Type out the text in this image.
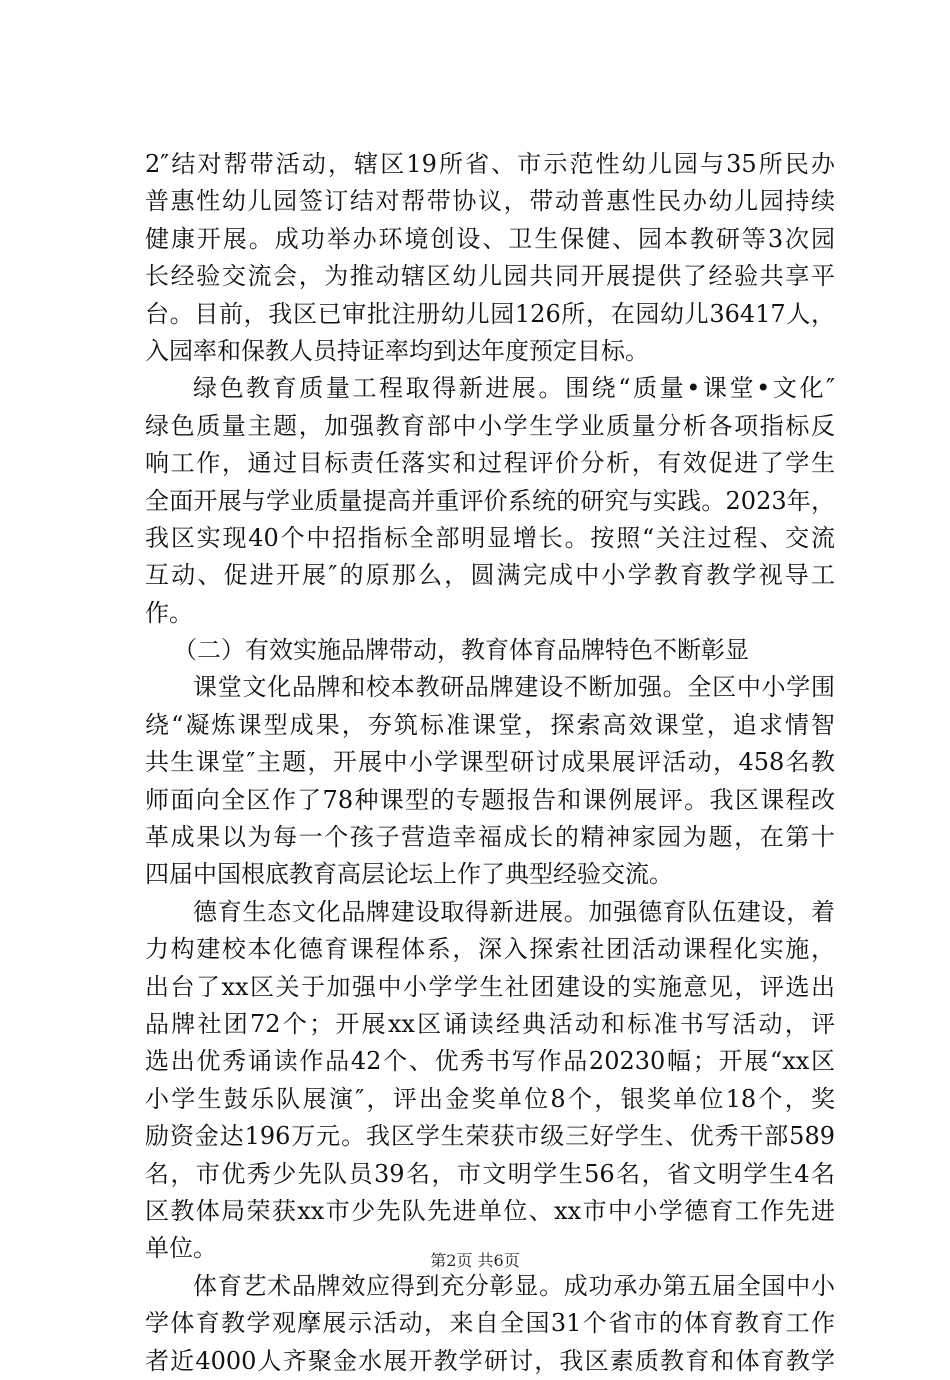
2″结对帮带活动，辖区19所省、市示范性幼儿园与35所民办
普惠性幼儿园签订结对帮带协议，带动普惠性民办幼儿园持续
健康开展。成功举办环境创设、卫生保健、园本教研等3次园
长经验交流会，为推动辖区幼儿园共同开展提供了经验共享平
台。目前，我区已审批注册幼儿园126所，在园幼儿36417人，
入园率和保教人员持证率均到达年度预定目标。
绿色教育质量工程取得新进展。围绕“质量•课堂•文化″
绿色质量主题，加强教育部中小学生学业质量分析各项指标反
响工作，通过目标责任落实和过程评价分析，有效促进了学生
全面开展与学业质量提高并重评价系统的研究与实践。2023年，
我区实现40个中招指标全部明显增长。按照“关注过程、交流
互动、促进开展″的原那么，圆满完成中小学教育教学视导工
作。
（二）有效实施品牌带动，教育体育品牌特色不断彰显
课堂文化品牌和校本教研品牌建设不断加强。全区中小学围
绕“凝炼课型成果，夯筑标准课堂，探索高效课堂，追求情智
共生课堂″主题，开展中小学课型研讨成果展评活动，458名教
师面向全区作了78种课型的专题报告和课例展评。我区课程改
革成果以为每一个孩子营造幸福成长的精神家园为题，在第十
四届中国根底教育高层论坛上作了典型经验交流。
德育生态文化品牌建设取得新进展。加强德育队伍建设，着
力构建校本化德育课程体系，深入探索社团活动课程化实施，
出台了xx区关于加强中小学学生社团建设的实施意见，评选出
品牌社团72个；开展xx区诵读经典活动和标准书写活动，评
选出优秀诵读作品42个、优秀书写作品20230幅；开展“xx区
小学生鼓乐队展演″，评出金奖单位8个，银奖单位18个，奖
励资金达196万元。我区学生荣获市级三好学生、优秀干部589
名，市优秀少先队员39名，市文明学生56名，省文明学生4名
区教体局荣获xx市少先队先进单位、xx市中小学德育工作先进
单位。
体育艺术品牌效应得到充分彰显。成功承办第五届全国中小
学体育教学观摩展示活动，来自全国31个省市的体育教育工作
者近4000人齐聚金水展开教学研讨，我区素质教育和体育教学
第2页 共6页
